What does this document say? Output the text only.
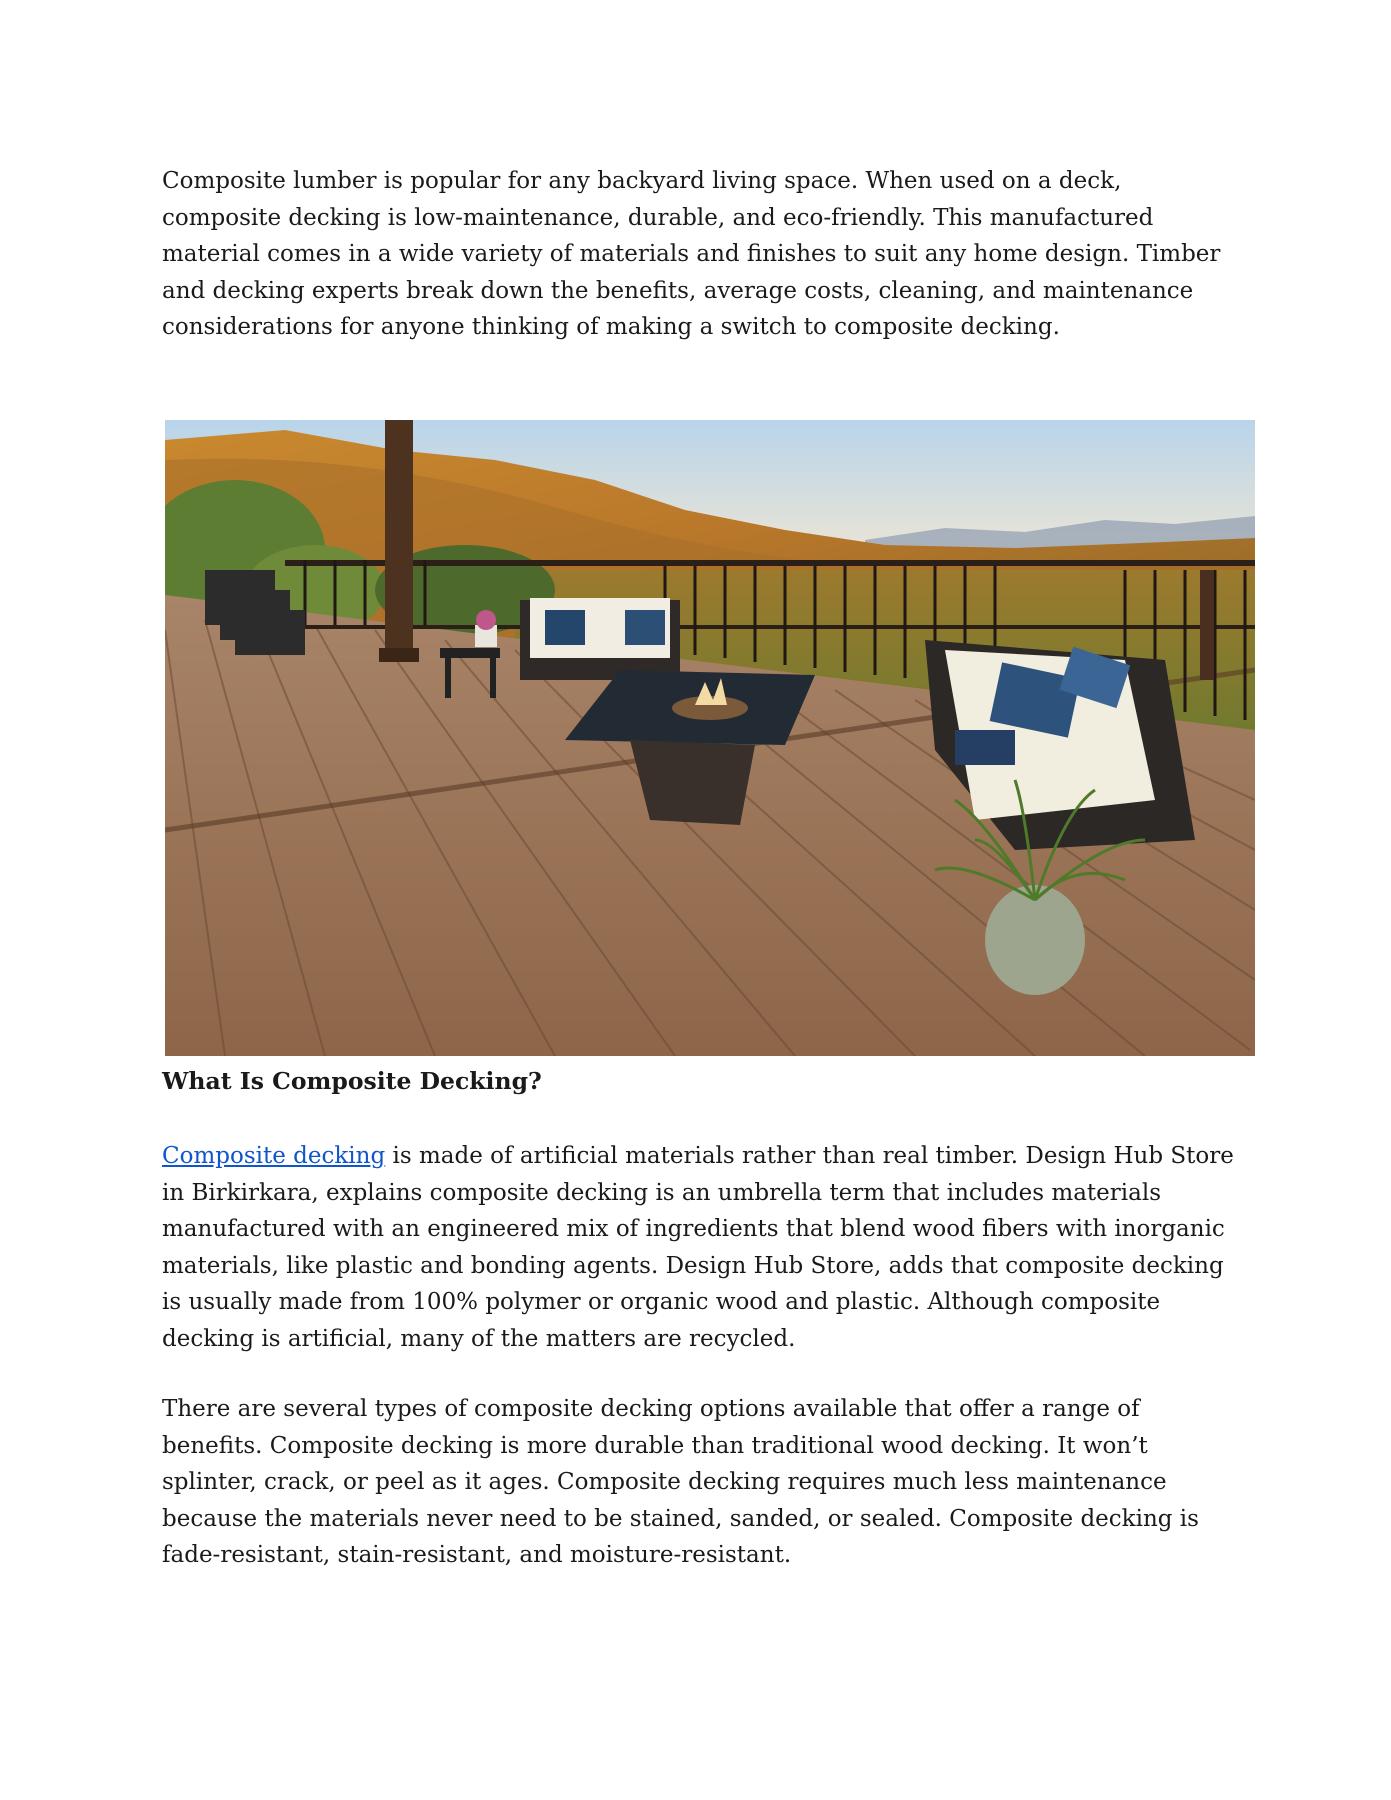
Composite lumber is popular for any backyard living space. When used on a deck, composite decking is low-maintenance, durable, and eco-friendly. This manufactured material comes in a wide variety of materials and finishes to suit any home design. Timber and decking experts break down the benefits, average costs, cleaning, and maintenance considerations for anyone thinking of making a switch to composite decking.

What Is Composite Decking?

Composite decking is made of artificial materials rather than real timber. Design Hub Store in Birkirkara, explains composite decking is an umbrella term that includes materials manufactured with an engineered mix of ingredients that blend wood fibers with inorganic materials, like plastic and bonding agents. Design Hub Store, adds that composite decking is usually made from 100% polymer or organic wood and plastic. Although composite decking is artificial, many of the matters are recycled.

There are several types of composite decking options available that offer a range of benefits. Composite decking is more durable than traditional wood decking. It won’t splinter, crack, or peel as it ages. Composite decking requires much less maintenance because the materials never need to be stained, sanded, or sealed. Composite decking is fade-resistant, stain-resistant, and moisture-resistant.
